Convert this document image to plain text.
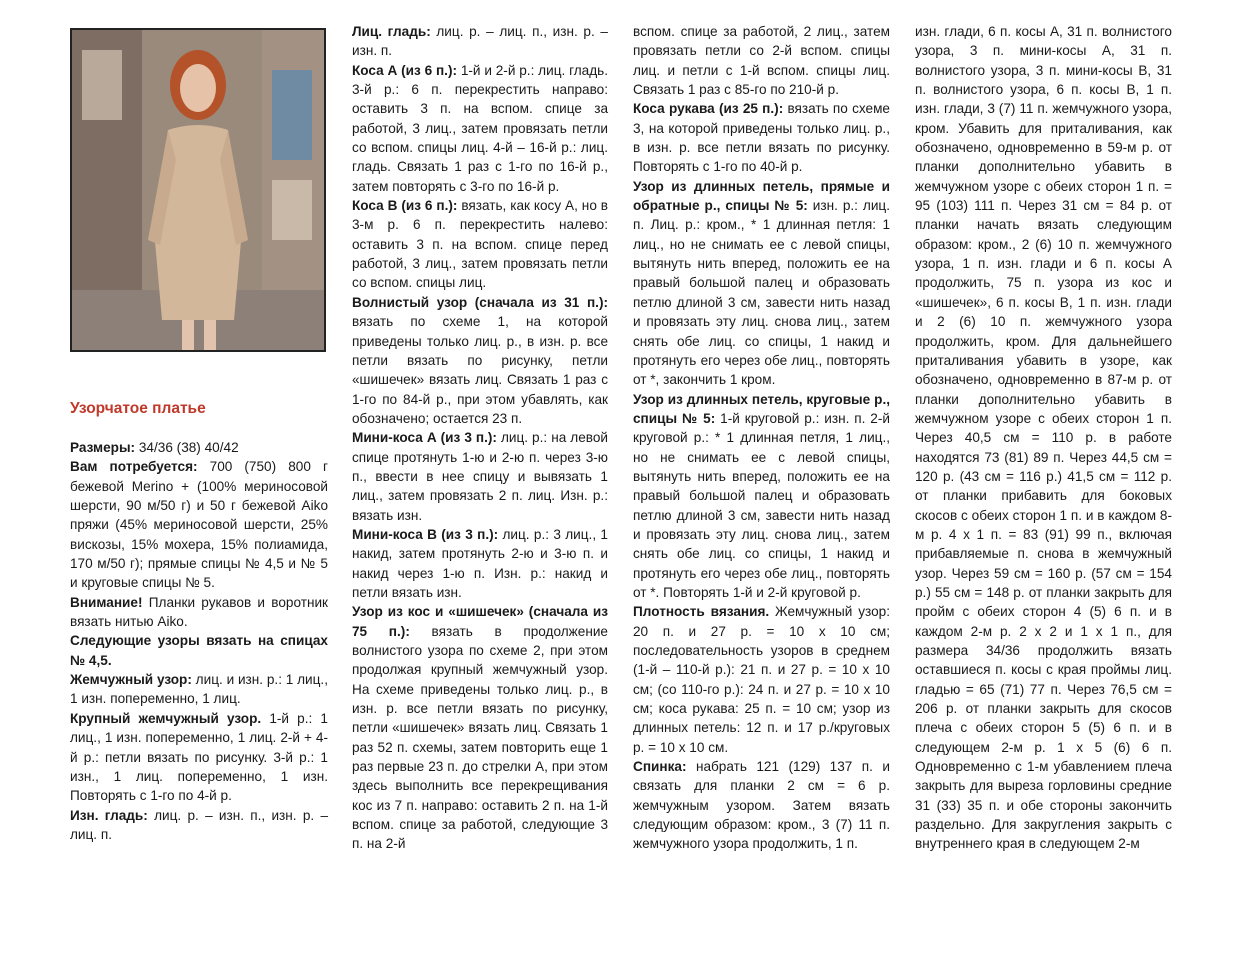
Узорчатое платье

Размеры: 34/36 (38) 40/42

Вам потребуется: 700 (750) 800 г бежевой Merino + (100% мериносовой шерсти, 90 м/50 г) и 50 г бежевой Aiko пряжи (45% мериносовой шерсти, 25% вискозы, 15% мохера, 15% полиамида, 170 м/50 г); прямые спицы № 4,5 и № 5 и круговые спицы № 5.

Внимание! Планки рукавов и воротник вязать нитью Aiko.

Следующие узоры вязать на спицах № 4,5.

Жемчужный узор: лиц. и изн. р.: 1 лиц., 1 изн. попеременно, 1 лиц.

Крупный жемчужный узор. 1-й р.: 1 лиц., 1 изн. попеременно, 1 лиц. 2-й + 4-й р.: петли вязать по рисунку. 3-й р.: 1 изн., 1 лиц. попеременно, 1 изн. Повторять с 1-го по 4-й р.

Изн. гладь: лиц. р. – изн. п., изн. р. – лиц. п.

Лиц. гладь: лиц. р. – лиц. п., изн. р. – изн. п.

Коса А (из 6 п.): 1-й и 2-й р.: лиц. гладь. 3-й р.: 6 п. перекрестить направо: оставить 3 п. на вспом. спице за работой, 3 лиц., затем провязать петли со вспом. спицы лиц. 4-й – 16-й р.: лиц. гладь. Связать 1 раз с 1-го по 16-й р., затем повторять с 3-го по 16-й р.

Коса В (из 6 п.): вязать, как косу А, но в 3-м р. 6 п. перекрестить налево: оставить 3 п. на вспом. спице перед работой, 3 лиц., затем провязать петли со вспом. спицы лиц.

Волнистый узор (сначала из 31 п.): вязать по схеме 1, на которой приведены только лиц. р., в изн. р. все петли вязать по рисунку, петли «шишечек» вязать лиц. Связать 1 раз с 1-го по 84-й р., при этом убавлять, как обозначено; остается 23 п.

Мини-коса А (из 3 п.): лиц. р.: на левой спице протянуть 1-ю и 2-ю п. через 3-ю п., ввести в нее спицу и вывязать 1 лиц., затем провязать 2 п. лиц. Изн. р.: вязать изн.

Мини-коса В (из 3 п.): лиц. р.: 3 лиц., 1 накид, затем протянуть 2-ю и 3-ю п. и накид через 1-ю п. Изн. р.: накид и петли вязать изн.

Узор из кос и «шишечек» (сначала из 75 п.): вязать в продолжение волнистого узора по схеме 2, при этом продолжая крупный жемчужный узор. На схеме приведены только лиц. р., в изн. р. все петли вязать по рисунку, петли «шишечек» вязать лиц. Связать 1 раз 52 п. схемы, затем повторить еще 1 раз первые 23 п. до стрелки А, при этом здесь выполнить все перекрещивания кос из 7 п. направо: оставить 2 п. на 1-й вспом. спице за работой, следующие 3 п. на 2-й

вспом. спице за работой, 2 лиц., затем провязать петли со 2-й вспом. спицы лиц. и петли с 1-й вспом. спицы лиц. Связать 1 раз с 85-го по 210-й р.

Коса рукава (из 25 п.): вязать по схеме 3, на которой приведены только лиц. р., в изн. р. все петли вязать по рисунку. Повторять с 1-го по 40-й р.

Узор из длинных петель, прямые и обратные р., спицы № 5: изн. р.: лиц. п. Лиц. р.: кром., * 1 длинная петля: 1 лиц., но не снимать ее с левой спицы, вытянуть нить вперед, положить ее на правый большой палец и образовать петлю длиной 3 см, завести нить назад и провязать эту лиц. снова лиц., затем снять обе лиц. со спицы, 1 накид и протянуть его через обе лиц., повторять от *, закончить 1 кром.

Узор из длинных петель, круговые р., спицы № 5: 1-й круговой р.: изн. п. 2-й круговой р.: * 1 длинная петля, 1 лиц., но не снимать ее с левой спицы, вытянуть нить вперед, положить ее на правый большой палец и образовать петлю длиной 3 см, завести нить назад и провязать эту лиц. снова лиц., затем снять обе лиц. со спицы, 1 накид и протянуть его через обе лиц., повторять от *. Повторять 1-й и 2-й круговой р.

Плотность вязания. Жемчужный узор: 20 п. и 27 р. = 10 х 10 см; последовательность узоров в среднем (1-й – 110-й р.): 21 п. и 27 р. = 10 х 10 см; (со 110-го р.): 24 п. и 27 р. = 10 х 10 см; коса рукава: 25 п. = 10 см; узор из длинных петель: 12 п. и 17 р./круговых р. = 10 х 10 см.

Спинка: набрать 121 (129) 137 п. и связать для планки 2 см = 6 р. жемчужным узором. Затем вязать следующим образом: кром., 3 (7) 11 п. жемчужного узора продолжить, 1 п.

изн. глади, 6 п. косы А, 31 п. волнистого узора, 3 п. мини-косы А, 31 п. волнистого узора, 3 п. мини-косы В, 31 п. волнистого узора, 6 п. косы В, 1 п. изн. глади, 3 (7) 11 п. жемчужного узора, кром. Убавить для приталивания, как обозначено, одновременно в 59-м р. от планки дополнительно убавить в жемчужном узоре с обеих сторон 1 п. = 95 (103) 111 п. Через 31 см = 84 р. от планки начать вязать следующим образом: кром., 2 (6) 10 п. жемчужного узора, 1 п. изн. глади и 6 п. косы А продолжить, 75 п. узора из кос и «шишечек», 6 п. косы В, 1 п. изн. глади и 2 (6) 10 п. жемчужного узора продолжить, кром. Для дальнейшего приталивания убавить в узоре, как обозначено, одновременно в 87-м р. от планки дополнительно убавить в жемчужном узоре с обеих сторон 1 п. Через 40,5 см = 110 р. в работе находятся 73 (81) 89 п. Через 44,5 см = 120 р. (43 см = 116 р.) 41,5 см = 112 р. от планки прибавить для боковых скосов с обеих сторон 1 п. и в каждом 8-м р. 4 х 1 п. = 83 (91) 99 п., включая прибавляемые п. снова в жемчужный узор. Через 59 см = 160 р. (57 см = 154 р.) 55 см = 148 р. от планки закрыть для пройм с обеих сторон 4 (5) 6 п. и в каждом 2-м р. 2 х 2 и 1 х 1 п., для размера 34/36 продолжить вязать оставшиеся п. косы с края проймы лиц. гладью = 65 (71) 77 п. Через 76,5 см = 206 р. от планки закрыть для скосов плеча с обеих сторон 5 (5) 6 п. и в следующем 2-м р. 1 х 5 (6) 6 п. Одновременно с 1-м убавлением плеча закрыть для выреза горловины средние 31 (33) 35 п. и обе стороны закончить раздельно. Для закругления закрыть с внутреннего края в следующем 2-м
